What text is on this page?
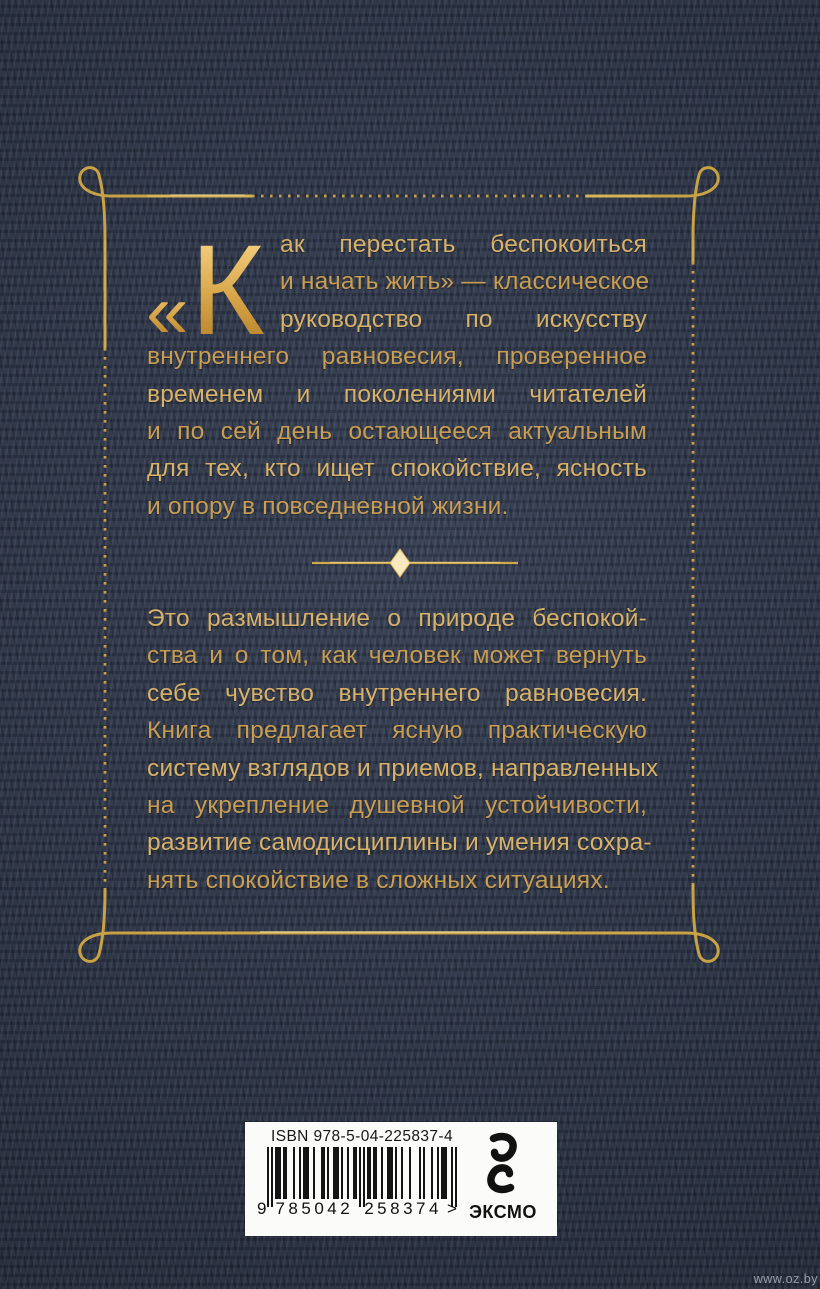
« К ак перестать беспокоиться
и начать жить» — классическое
руководство по искусству
внутреннего равновесия, проверенное
временем и поколениями читателей
и по сей день остающееся актуальным
для тех, кто ищет спокойствие, ясность
и опору в повседневной жизни.
Это размышление о природе беспокой-
ства и о том, как человек может вернуть
себе чувство внутреннего равновесия.
Книга предлагает ясную практическую
систему взглядов и приемов, направленных
на укрепление душевной устойчивости,
развитие самодисциплины и умения сохра-
нять спокойствие в сложных ситуациях.
ISBN 978-5-04-225837-4
9 785042 258374 > ЭКСМО
www.oz.by
